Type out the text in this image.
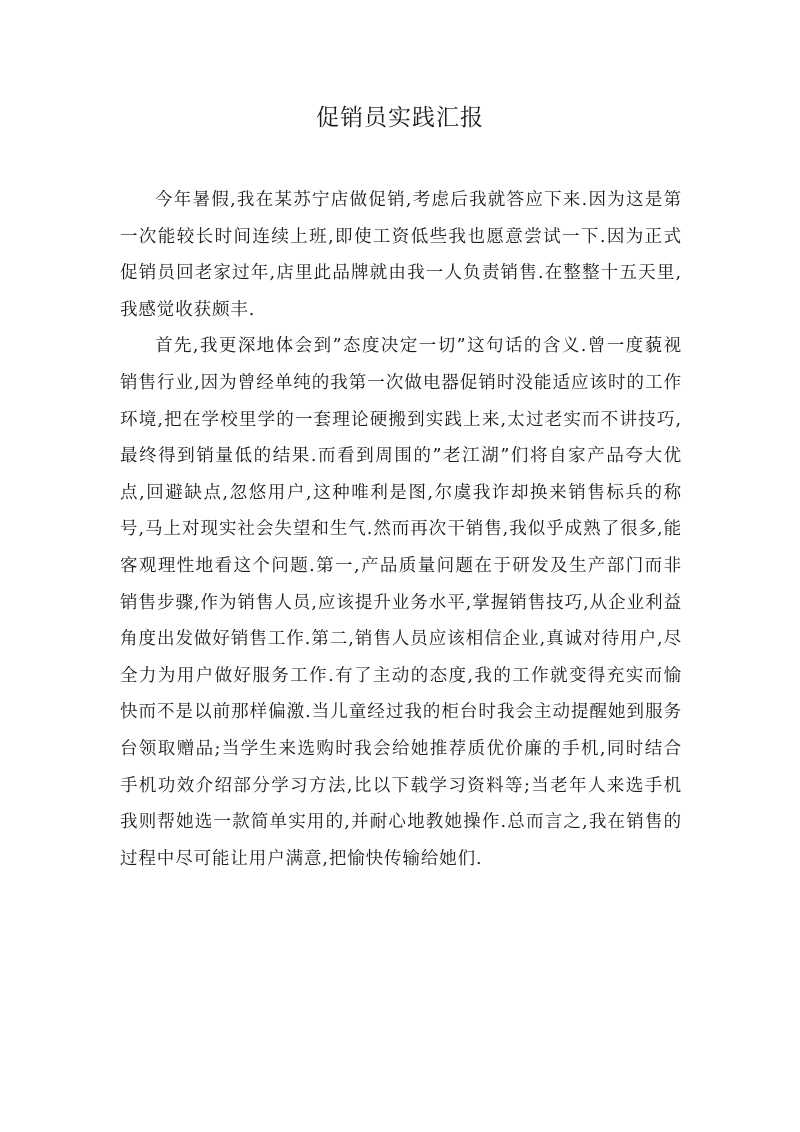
促销员实践汇报

今年暑假,我在某苏宁店做促销,考虑后我就答应下来.因为这是第一次能较长时间连续上班,即使工资低些我也愿意尝试一下.因为正式促销员回老家过年,店里此品牌就由我一人负责销售.在整整十五天里,我感觉收获颇丰.

首先,我更深地体会到”态度决定一切”这句话的含义.曾一度藐视销售行业,因为曾经单纯的我第一次做电器促销时没能适应该时的工作环境,把在学校里学的一套理论硬搬到实践上来,太过老实而不讲技巧,最终得到销量低的结果.而看到周围的”老江湖”们将自家产品夸大优点,回避缺点,忽悠用户,这种唯利是图,尔虞我诈却换来销售标兵的称号,马上对现实社会失望和生气.然而再次干销售,我似乎成熟了很多,能客观理性地看这个问题.第一,产品质量问题在于研发及生产部门而非销售步骤,作为销售人员,应该提升业务水平,掌握销售技巧,从企业利益角度出发做好销售工作.第二,销售人员应该相信企业,真诚对待用户,尽全力为用户做好服务工作.有了主动的态度,我的工作就变得充实而愉快而不是以前那样偏激.当儿童经过我的柜台时我会主动提醒她到服务台领取赠品;当学生来选购时我会给她推荐质优价廉的手机,同时结合手机功效介绍部分学习方法,比以下载学习资料等;当老年人来选手机我则帮她选一款简单实用的,并耐心地教她操作.总而言之,我在销售的过程中尽可能让用户满意,把愉快传输给她们.
